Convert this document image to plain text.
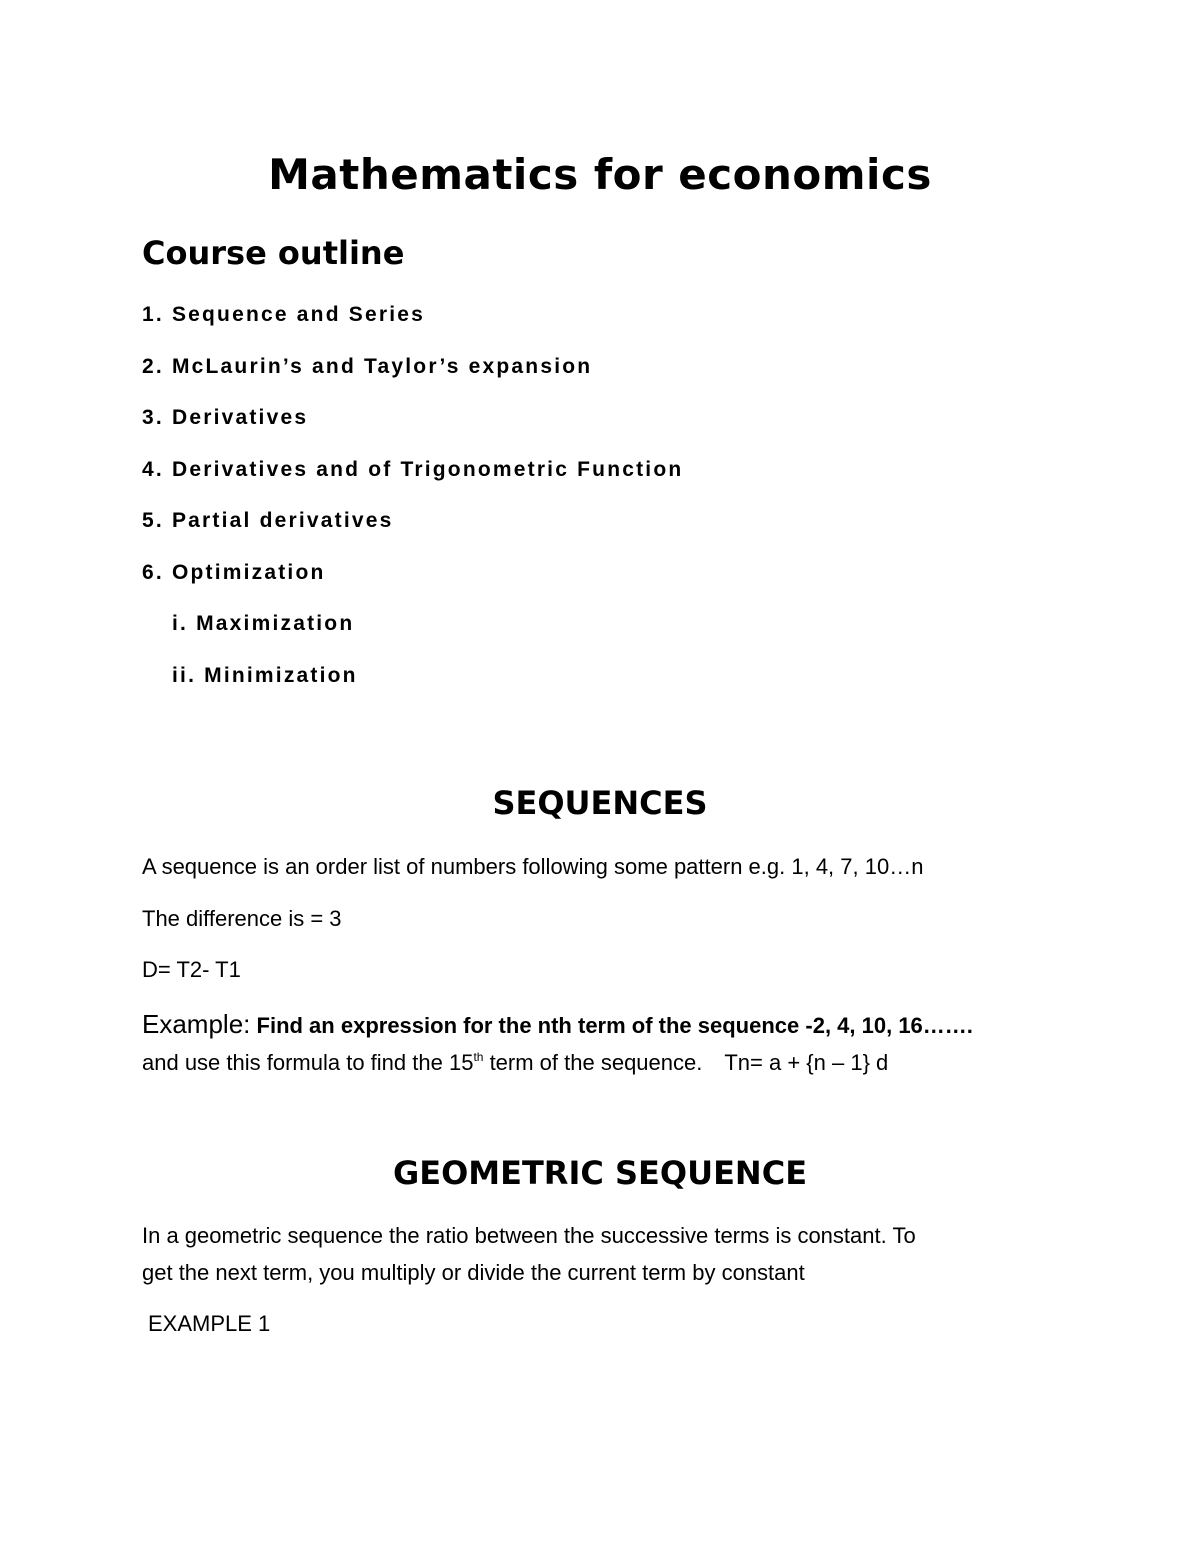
Mathematics for economics
Course outline
1. Sequence and Series
2. McLaurin’s and Taylor’s expansion
3. Derivatives
4. Derivatives and of Trigonometric Function
5. Partial derivatives
6. Optimization
i. Maximization
ii. Minimization
SEQUENCES
A sequence is an order list of numbers following some pattern e.g. 1, 4, 7, 10…n
The difference is = 3
D= T2- T1
Example: Find an expression for the nth term of the sequence -2, 4, 10, 16…….
and use this formula to find the 15th term of the sequence. Tn= a + {n – 1} d
GEOMETRIC SEQUENCE
In a geometric sequence the ratio between the successive terms is constant. To
get the next term, you multiply or divide the current term by constant
EXAMPLE 1
